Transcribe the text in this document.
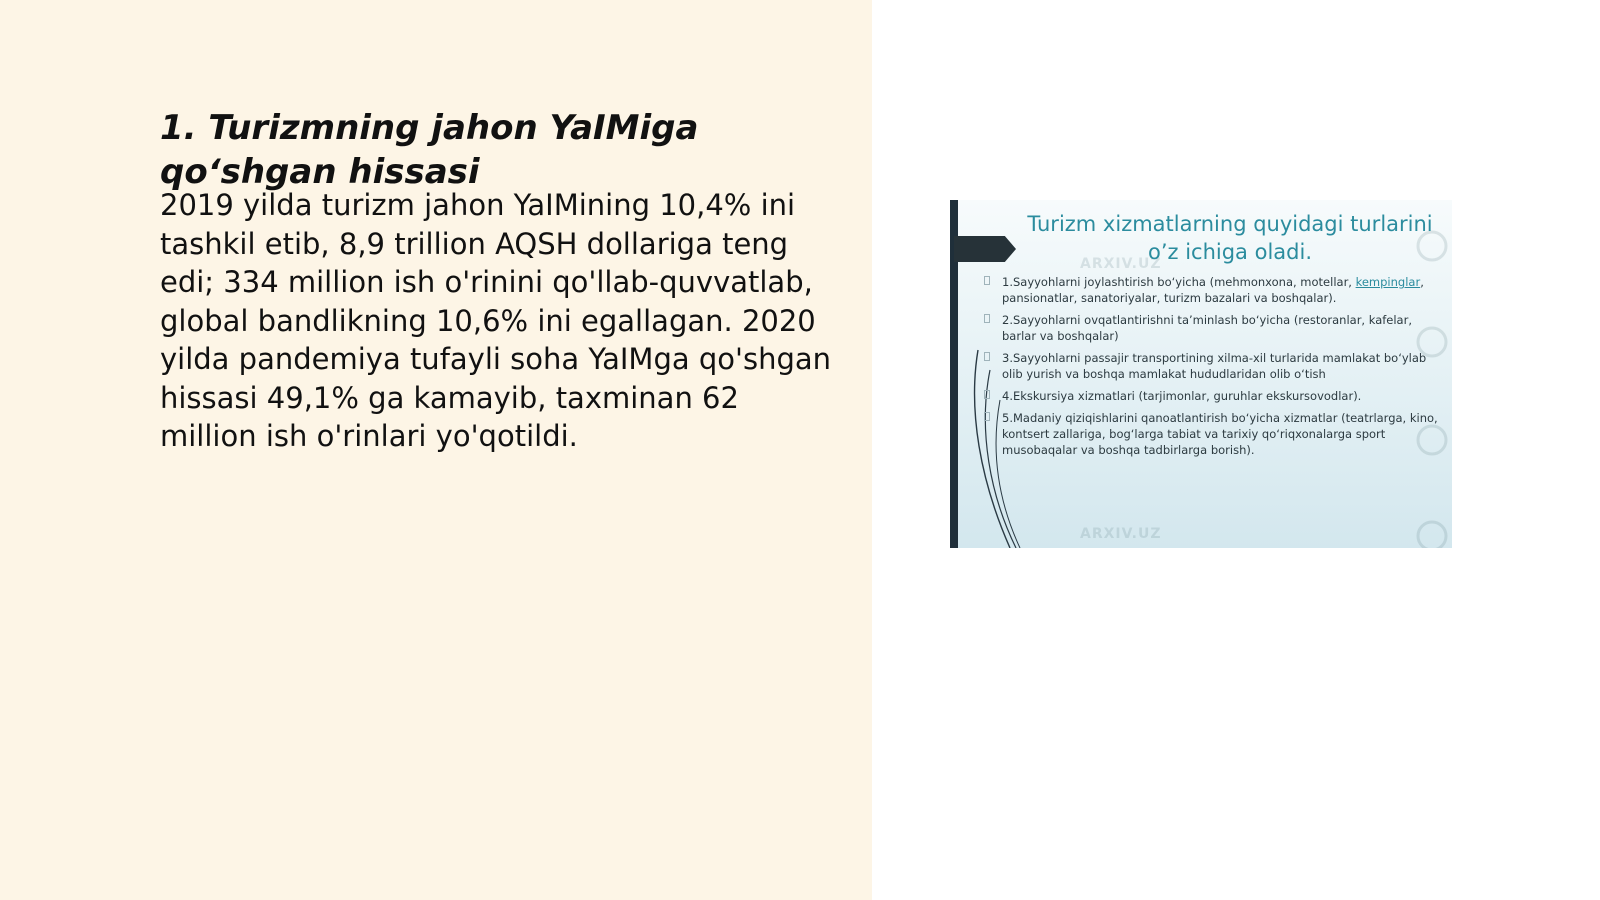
1. Turizmning jahon YaIMiga qo‘shgan hissasi

2019 yilda turizm jahon YaIMining 10,4% ini tashkil etib, 8,9 trillion AQSH dollariga teng edi; 334 million ish o'rinini qo'llab-quvvatlab, global bandlikning 10,6% ini egallagan. 2020 yilda pandemiya tufayli soha YaIMga qo'shgan hissasi 49,1% ga kamayib, taxminan 62 million ish o'rinlari yo'qotildi.

ARXIV.UZ
ARXIV.UZ
Turizm xizmatlarning quyidagi turlarini o’z ichiga oladi.
1.Sayyohlarni joylashtirish bo‘yicha (mehmonxona, motellar, kempinglar, pansionatlar, sanatoriyalar, turizm bazalari va boshqalar).
2.Sayyohlarni ovqatlantirishni ta’minlash bo‘yicha (restoranlar, kafelar, barlar va boshqalar)
3.Sayyohlarni passajir transportining xilma-xil turlarida mamlakat bo‘ylab olib yurish va boshqa mamlakat hududlaridan olib o‘tish
4.Ekskursiya xizmatlari (tarjimonlar, guruhlar ekskursovodlar).
5.Madaniy qiziqishlarini qanoatlantirish bo‘yicha xizmatlar (teatrlarga, kino, kontsert zallariga, bog‘larga tabiat va tarixiy qo‘riqxonalarga sport musobaqalar va boshqa tadbirlarga borish).
